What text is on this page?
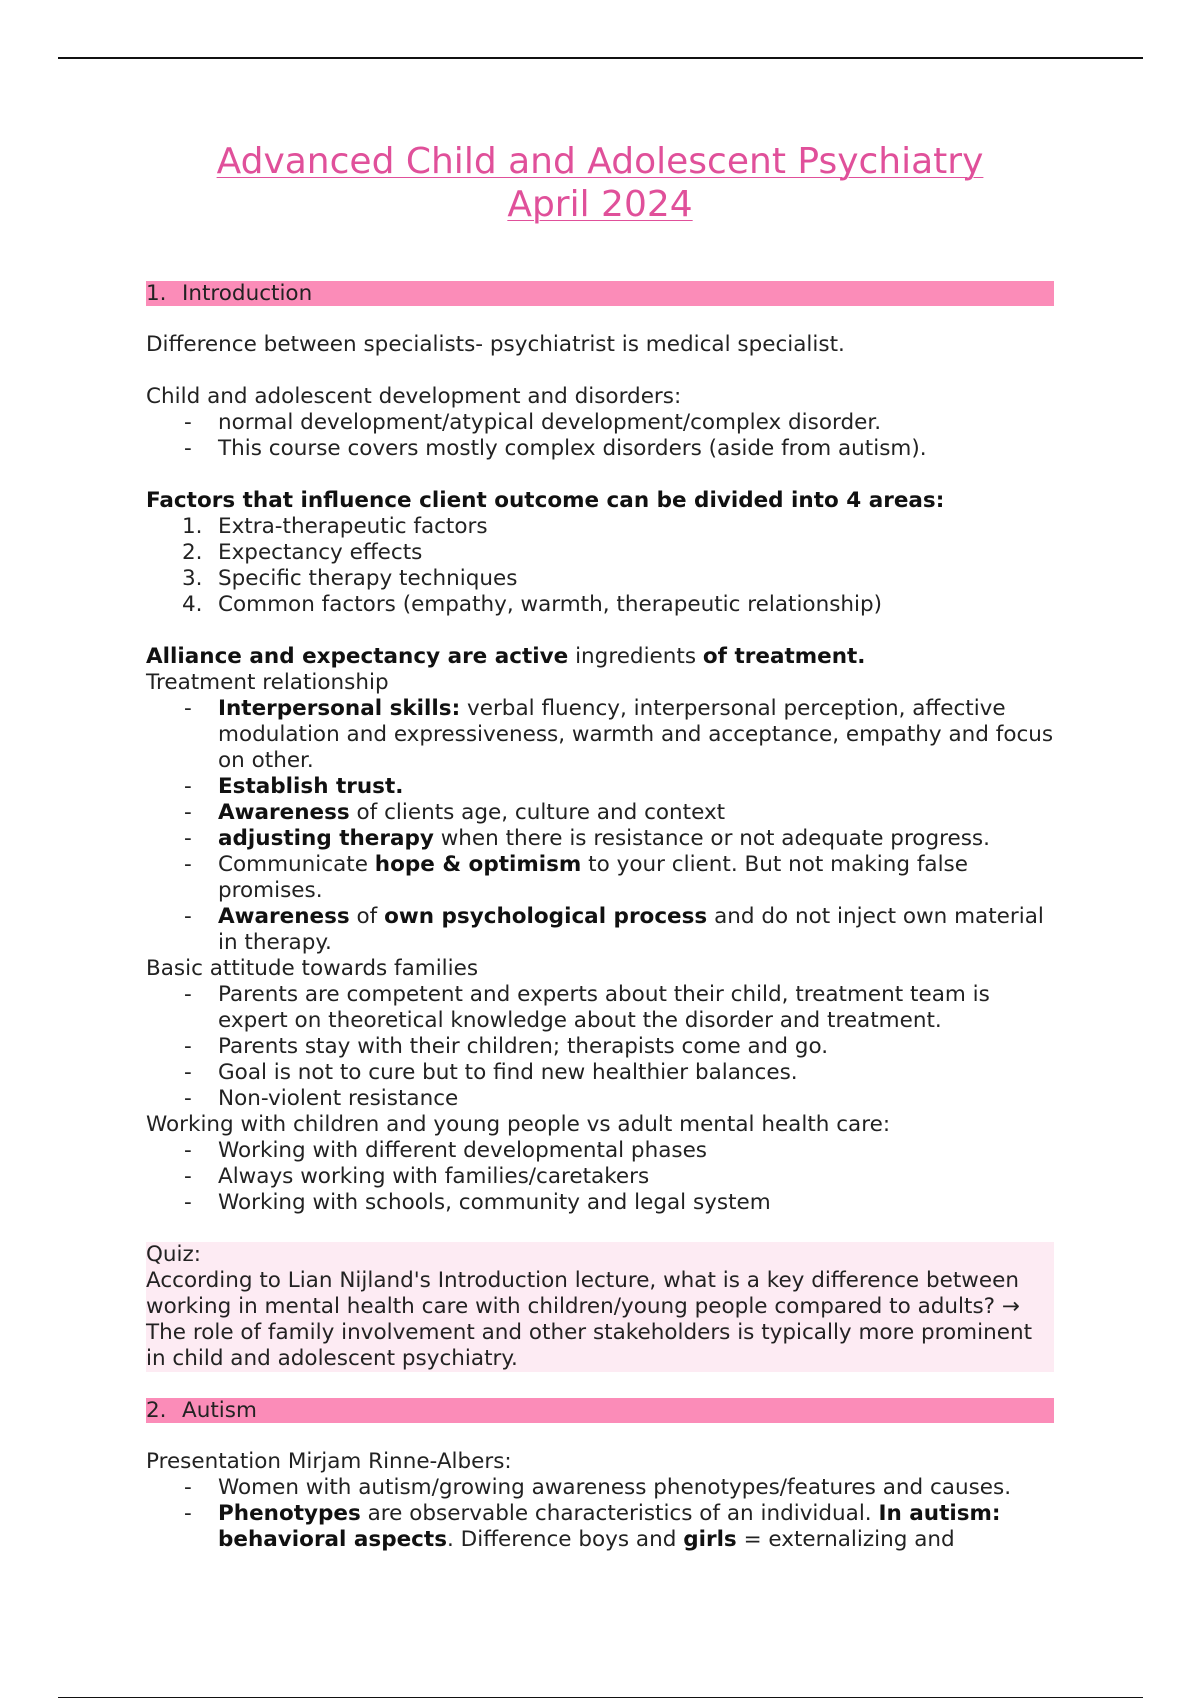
Advanced Child and Adolescent Psychiatry
April 2024
1. Introduction

Difference between specialists- psychiatrist is medical specialist.

Child and adolescent development and disorders:

- normal development/atypical development/complex disorder.
- This course covers mostly complex disorders (aside from autism).

Factors that influence client outcome can be divided into 4 areas:

1. Extra-therapeutic factors
2. Expectancy effects
3. Specific therapy techniques
4. Common factors (empathy, warmth, therapeutic relationship)

Alliance and expectancy are active ingredients of treatment.

Treatment relationship

- Interpersonal skills: verbal fluency, interpersonal perception, affective modulation and expressiveness, warmth and acceptance, empathy and focus on other.
- Establish trust.
- Awareness of clients age, culture and context
- adjusting therapy when there is resistance or not adequate progress.
- Communicate hope & optimism to your client. But not making false promises.
- Awareness of own psychological process and do not inject own material in therapy.

Basic attitude towards families

- Parents are competent and experts about their child, treatment team is expert on theoretical knowledge about the disorder and treatment.
- Parents stay with their children; therapists come and go.
- Goal is not to cure but to find new healthier balances.
- Non-violent resistance

Working with children and young people vs adult mental health care:

- Working with different developmental phases
- Always working with families/caretakers
- Working with schools, community and legal system

Quiz:

According to Lian Nijland's Introduction lecture, what is a key difference between working in mental health care with children/young people compared to adults? → The role of family involvement and other stakeholders is typically more prominent in child and adolescent psychiatry.

2. Autism

Presentation Mirjam Rinne-Albers:

- Women with autism/growing awareness phenotypes/features and causes.
- Phenotypes are observable characteristics of an individual. In autism: behavioral aspects. Difference boys and girls = externalizing and
